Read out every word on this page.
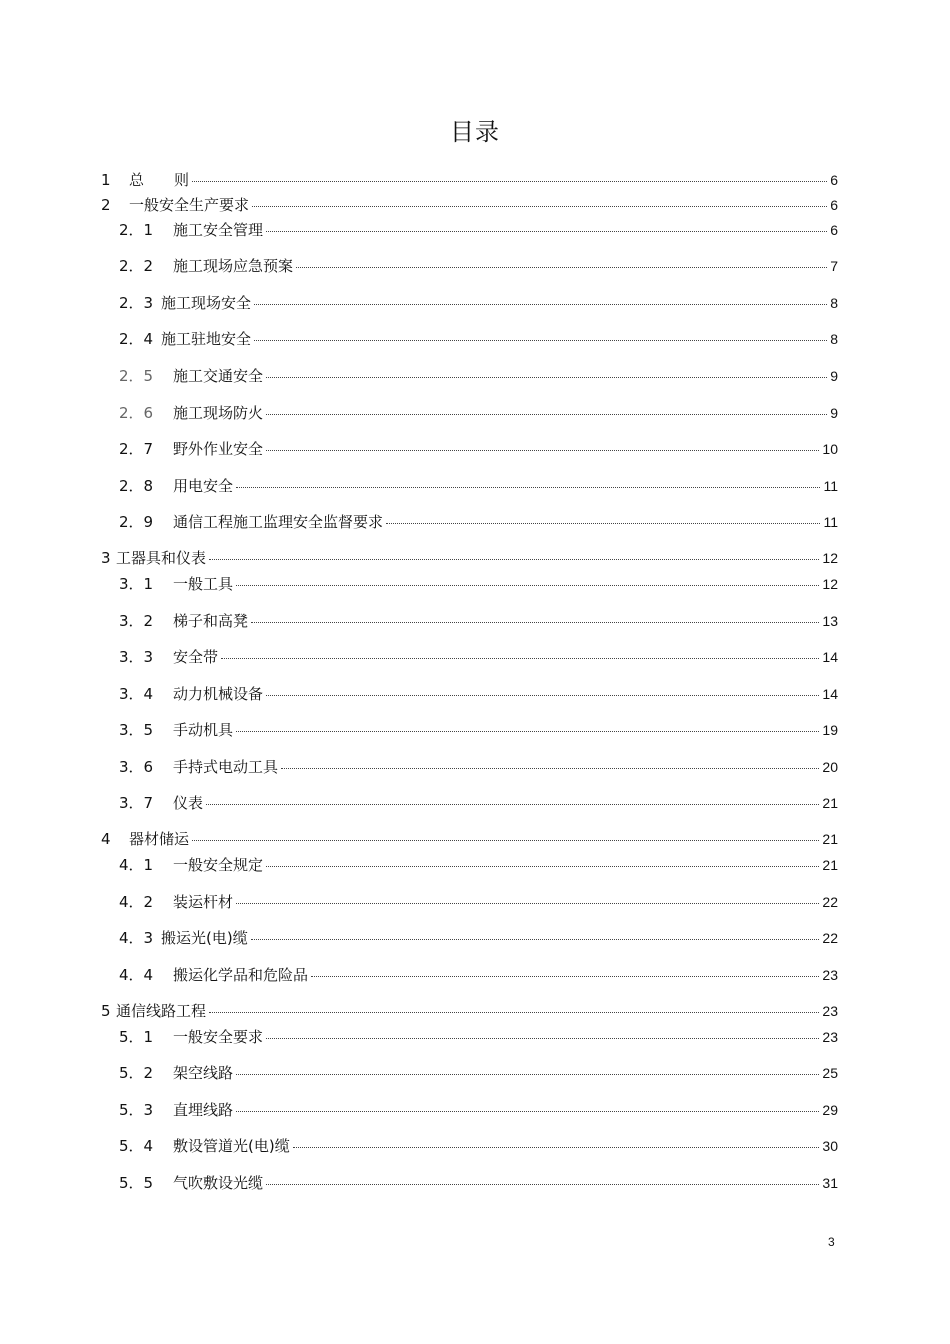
目录
1	总　　则	6
2	一般安全生产要求	6
2．1	施工安全管理	6
2．2	施工现场应急预案	7
2．3 施工现场安全	8
2．4 施工驻地安全	8
2．5	施工交通安全	9
2．6	施工现场防火	9
2．7	野外作业安全	10
2．8	用电安全	11
2．9	通信工程施工监理安全监督要求	11
3 工器具和仪表	12
3．1	一般工具	12
3．2	梯子和高凳	13
3．3	安全带	14
3．4	动力机械设备	14
3．5	手动机具	19
3．6	手持式电动工具	20
3．7	仪表	21
4	器材储运	21
4．1	一般安全规定	21
4．2	装运杆材	22
4．3 搬运光(电)缆	22
4．4	搬运化学品和危险品	23
5 通信线路工程	23
5．1	一般安全要求	23
5．2	架空线路	25
5．3	直埋线路	29
5．4	敷设管道光(电)缆	30
5．5	气吹敷设光缆	31
3
